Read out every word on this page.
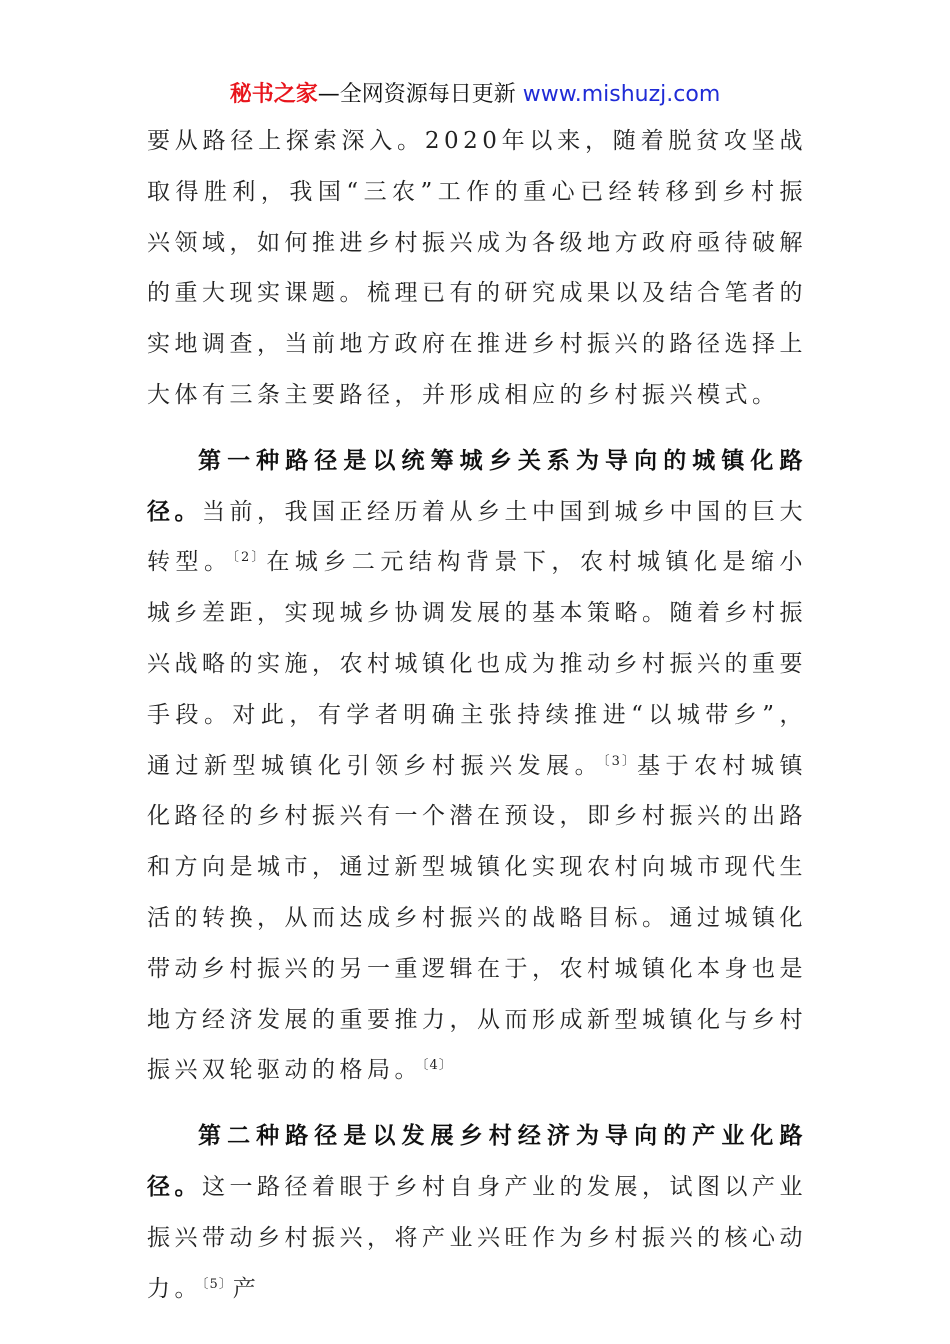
秘书之家—全网资源每日更新 www.mishuzj.com

要从路径上探索深入。2020年以来，随着脱贫攻坚战取得胜利，我国“三农”工作的重心已经转移到乡村振兴领域，如何推进乡村振兴成为各级地方政府亟待破解的重大现实课题。梳理已有的研究成果以及结合笔者的实地调查，当前地方政府在推进乡村振兴的路径选择上大体有三条主要路径，并形成相应的乡村振兴模式。

第一种路径是以统筹城乡关系为导向的城镇化路径。当前，我国正经历着从乡土中国到城乡中国的巨大转型。$^{〔2〕}$在城乡二元结构背景下，农村城镇化是缩小城乡差距，实现城乡协调发展的基本策略。随着乡村振兴战略的实施，农村城镇化也成为推动乡村振兴的重要手段。对此，有学者明确主张持续推进“以城带乡”，通过新型城镇化引领乡村振兴发展。$^{〔3〕}$基于农村城镇化路径的乡村振兴有一个潜在预设，即乡村振兴的出路和方向是城市，通过新型城镇化实现农村向城市现代生活的转换，从而达成乡村振兴的战略目标。通过城镇化带动乡村振兴的另一重逻辑在于，农村城镇化本身也是地方经济发展的重要推力，从而形成新型城镇化与乡村振兴双轮驱动的格局。$^{〔4〕}$

第二种路径是以发展乡村经济为导向的产业化路径。这一路径着眼于乡村自身产业的发展，试图以产业振兴带动乡村振兴，将产业兴旺作为乡村振兴的核心动力。$^{〔5〕}$产
